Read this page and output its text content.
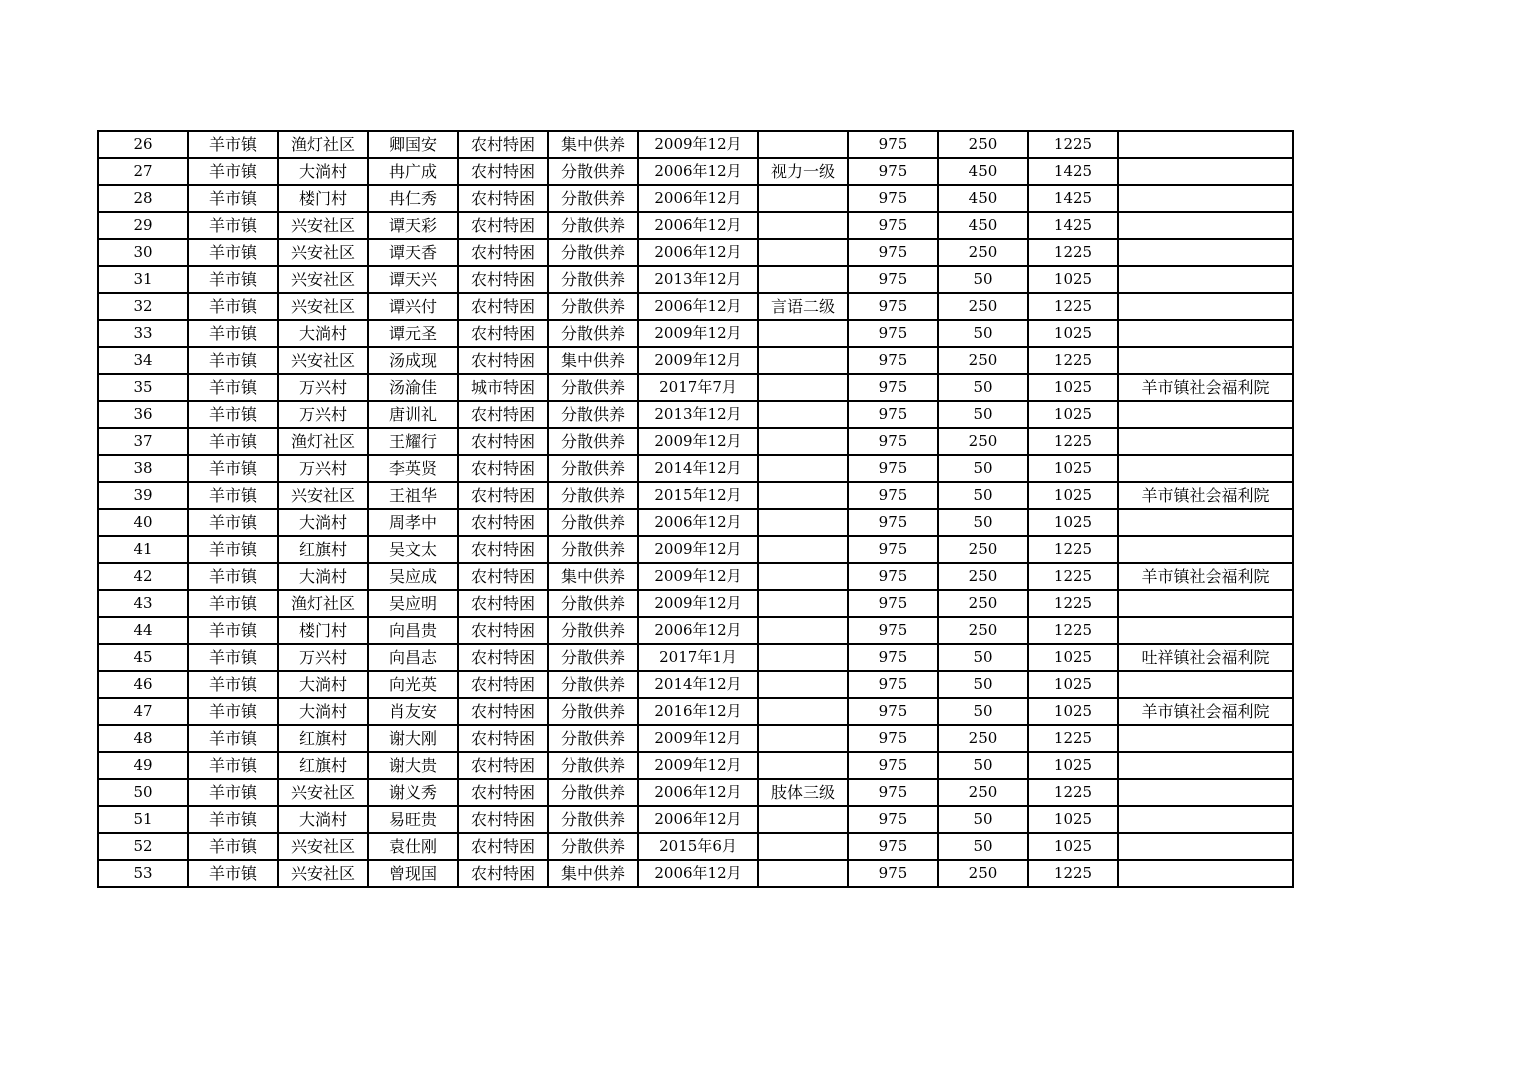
26	羊市镇	渔灯社区	卿国安	农村特困	集中供养	2009年12月		975	250	1225	
27	羊市镇	大淌村	冉广成	农村特困	分散供养	2006年12月	视力一级	975	450	1425	
28	羊市镇	楼门村	冉仁秀	农村特困	分散供养	2006年12月		975	450	1425	
29	羊市镇	兴安社区	谭天彩	农村特困	分散供养	2006年12月		975	450	1425	
30	羊市镇	兴安社区	谭天香	农村特困	分散供养	2006年12月		975	250	1225	
31	羊市镇	兴安社区	谭天兴	农村特困	分散供养	2013年12月		975	50	1025	
32	羊市镇	兴安社区	谭兴付	农村特困	分散供养	2006年12月	言语二级	975	250	1225	
33	羊市镇	大淌村	谭元圣	农村特困	分散供养	2009年12月		975	50	1025	
34	羊市镇	兴安社区	汤成现	农村特困	集中供养	2009年12月		975	250	1225	
35	羊市镇	万兴村	汤渝佳	城市特困	分散供养	2017年7月		975	50	1025	羊市镇社会福利院
36	羊市镇	万兴村	唐训礼	农村特困	分散供养	2013年12月		975	50	1025	
37	羊市镇	渔灯社区	王耀行	农村特困	分散供养	2009年12月		975	250	1225	
38	羊市镇	万兴村	李英贤	农村特困	分散供养	2014年12月		975	50	1025	
39	羊市镇	兴安社区	王祖华	农村特困	分散供养	2015年12月		975	50	1025	羊市镇社会福利院
40	羊市镇	大淌村	周孝中	农村特困	分散供养	2006年12月		975	50	1025	
41	羊市镇	红旗村	吴文太	农村特困	分散供养	2009年12月		975	250	1225	
42	羊市镇	大淌村	吴应成	农村特困	集中供养	2009年12月		975	250	1225	羊市镇社会福利院
43	羊市镇	渔灯社区	吴应明	农村特困	分散供养	2009年12月		975	250	1225	
44	羊市镇	楼门村	向昌贵	农村特困	分散供养	2006年12月		975	250	1225	
45	羊市镇	万兴村	向昌志	农村特困	分散供养	2017年1月		975	50	1025	吐祥镇社会福利院
46	羊市镇	大淌村	向光英	农村特困	分散供养	2014年12月		975	50	1025	
47	羊市镇	大淌村	肖友安	农村特困	分散供养	2016年12月		975	50	1025	羊市镇社会福利院
48	羊市镇	红旗村	谢大刚	农村特困	分散供养	2009年12月		975	250	1225	
49	羊市镇	红旗村	谢大贵	农村特困	分散供养	2009年12月		975	50	1025	
50	羊市镇	兴安社区	谢义秀	农村特困	分散供养	2006年12月	肢体三级	975	250	1225	
51	羊市镇	大淌村	易旺贵	农村特困	分散供养	2006年12月		975	50	1025	
52	羊市镇	兴安社区	袁仕刚	农村特困	分散供养	2015年6月		975	50	1025	
53	羊市镇	兴安社区	曾现国	农村特困	集中供养	2006年12月		975	250	1225	
